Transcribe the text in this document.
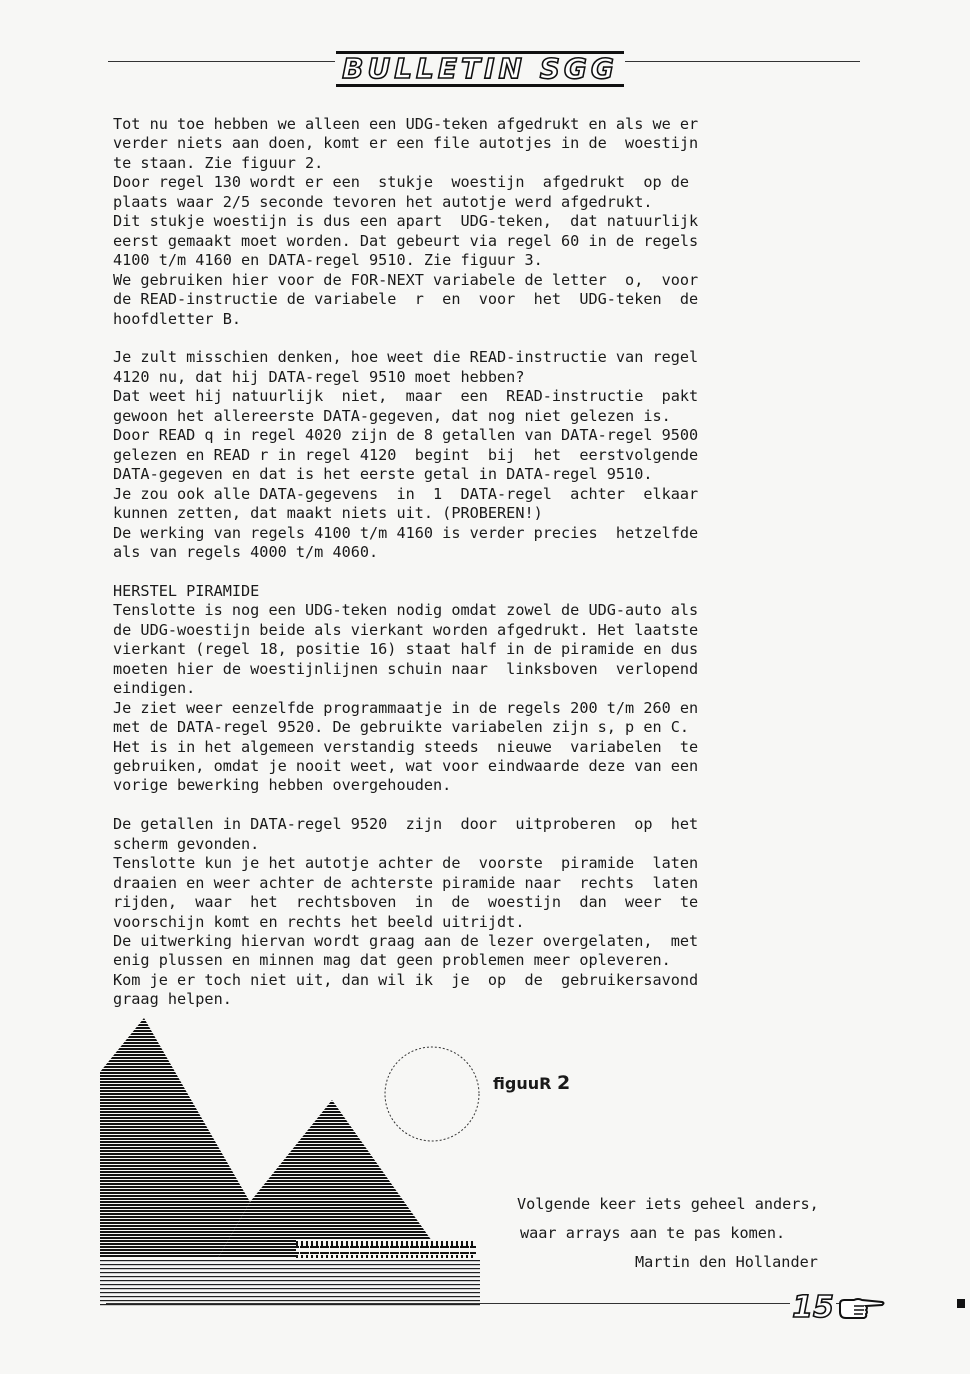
BULLETIN SGG
Tot nu toe hebben we alleen een UDG-teken afgedrukt en als we er
verder niets aan doen, komt er een file autotjes in de  woestijn
te staan. Zie figuur 2.
Door regel 130 wordt er een  stukje  woestijn  afgedrukt  op de
plaats waar 2/5 seconde tevoren het autotje werd afgedrukt.
Dit stukje woestijn is dus een apart  UDG-teken,  dat natuurlijk
eerst gemaakt moet worden. Dat gebeurt via regel 60 in de regels
4100 t/m 4160 en DATA-regel 9510. Zie figuur 3.
We gebruiken hier voor de FOR-NEXT variabele de letter  o,  voor
de READ-instructie de variabele  r  en  voor  het  UDG-teken  de
hoofdletter B.

Je zult misschien denken, hoe weet die READ-instructie van regel
4120 nu, dat hij DATA-regel 9510 moet hebben?
Dat weet hij natuurlijk  niet,  maar  een  READ-instructie  pakt
gewoon het allereerste DATA-gegeven, dat nog niet gelezen is.
Door READ q in regel 4020 zijn de 8 getallen van DATA-regel 9500
gelezen en READ r in regel 4120  begint  bij  het  eerstvolgende
DATA-gegeven en dat is het eerste getal in DATA-regel 9510.
Je zou ook alle DATA-gegevens  in  1  DATA-regel  achter  elkaar
kunnen zetten, dat maakt niets uit. (PROBEREN!)
De werking van regels 4100 t/m 4160 is verder precies  hetzelfde
als van regels 4000 t/m 4060.

HERSTEL PIRAMIDE
Tenslotte is nog een UDG-teken nodig omdat zowel de UDG-auto als
de UDG-woestijn beide als vierkant worden afgedrukt. Het laatste
vierkant (regel 18, positie 16) staat half in de piramide en dus
moeten hier de woestijnlijnen schuin naar  linksboven  verlopend
eindigen.
Je ziet weer eenzelfde programmaatje in de regels 200 t/m 260 en
met de DATA-regel 9520. De gebruikte variabelen zijn s, p en C.
Het is in het algemeen verstandig steeds  nieuwe  variabelen  te
gebruiken, omdat je nooit weet, wat voor eindwaarde deze van een
vorige bewerking hebben overgehouden.

De getallen in DATA-regel 9520  zijn  door  uitproberen  op  het
scherm gevonden.
Tenslotte kun je het autotje achter de  voorste  piramide  laten
draaien en weer achter de achterste piramide naar  rechts  laten
rijden,  waar  het  rechtsboven  in  de  woestijn  dan  weer  te
voorschijn komt en rechts het beeld uitrijdt.
De uitwerking hiervan wordt graag aan de lezer overgelaten,  met
enig plussen en minnen mag dat geen problemen meer opleveren.
Kom je er toch niet uit, dan wil ik  je  op  de  gebruikersavond
graag helpen.
figuuR 2
Volgende keer iets geheel anders,
waar arrays aan te pas komen.
Martin den Hollander
15
